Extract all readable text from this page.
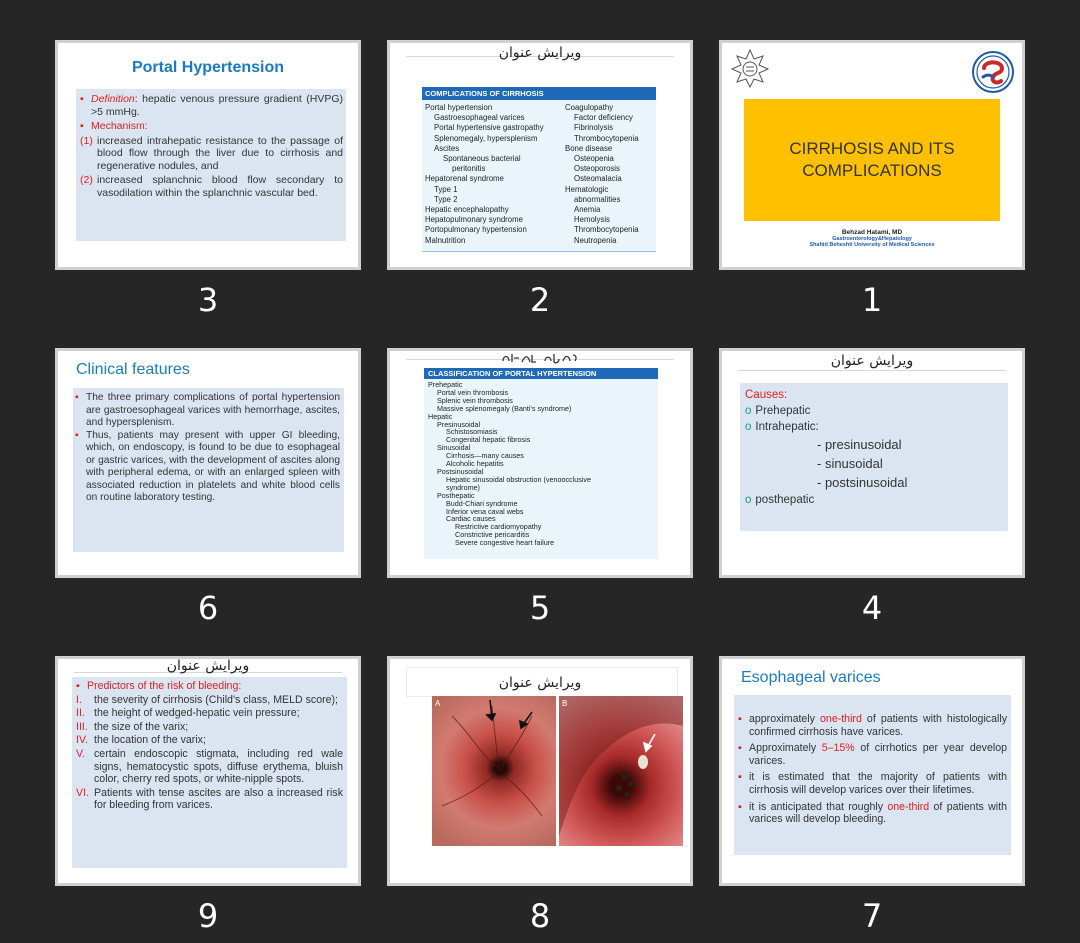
Portal Hypertension
▪ Definition: hepatic venous pressure gradient (HVPG) >5 mmHg.
▪ Mechanism:
(1) increased intrahepatic resistance to the passage of blood flow through the liver due to cirrhosis and regenerative nodules, and
(2) increased splanchnic blood flow secondary to vasodilation within the splanchnic vascular bed.
3
ویرایش عنوان
COMPLICATIONS OF CIRRHOSIS
Portal hypertension
Gastroesophageal varices
Portal hypertensive gastropathy
Splenomegaly, hypersplenism
Ascites
Spontaneous bacterial
peritonitis
Hepatorenal syndrome
Type 1
Type 2
Hepatic encephalopathy
Hepatopulmonary syndrome
Portopulmonary hypertension
Malnutrition
Coagulopathy
Factor deficiency
Fibrinolysis
Thrombocytopenia
Bone disease
Osteopenia
Osteoporosis
Osteomalacia
Hematologic
abnormalities
Anemia
Hemolysis
Thrombocytopenia
Neutropenia
2
CIRRHOSIS AND ITS COMPLICATIONS
Behzad Hatami, MD
Gastroenterology&Hepatology
Shahid Beheshti University of Medical Sciences
1
Clinical features
▪ The three primary complications of portal hypertension are gastroesophageal varices with hemorrhage, ascites, and hypersplenism.
▪ Thus, patients may present with upper GI bleeding, which, on endoscopy, is found to be due to esophageal or gastric varices, with the development of ascites along with peripheral edema, or with an enlarged spleen with associated reduction in platelets and white blood cells on routine laboratory testing.
6
CLASSIFICATION OF PORTAL HYPERTENSION
Prehepatic
Portal vein thrombosis
Splenic vein thrombosis
Massive splenomegaly (Banti's syndrome)
Hepatic
Presinusoidal
Schistosomiasis
Congenital hepatic fibrosis
Sinusoidal
Cirrhosis—many causes
Alcoholic hepatitis
Postsinusoidal
Hepatic sinusoidal obstruction (venoocclusive
syndrome)
Posthepatic
Budd-Chiari syndrome
Inferior vena caval webs
Cardiac causes
Restrictive cardiomyopathy
Constrictive pericarditis
Severe congestive heart failure
5
ویرایش عنوان
Causes:
o Prehepatic
o Intrahepatic:
- presinusoidal
- sinusoidal
- postsinusoidal
o posthepatic
4
ویرایش عنوان
▪ Predictors of the risk of bleeding:
I.	the severity of cirrhosis (Child's class, MELD score);
II. the height of wedged-hepatic vein pressure;
III. the size of the varix;
IV. the location of the varix;
V. certain endoscopic stigmata, including red wale signs, hematocystic spots, diffuse erythema, bluish color, cherry red spots, or white-nipple spots.
VI. Patients with tense ascites are also a increased risk for bleeding from varices.
9
ویرایش عنوان
A	B
8
Esophageal varices
▪ approximately one-third of patients with histologically confirmed cirrhosis have varices.
▪ Approximately 5–15% of cirrhotics per year develop varices.
▪ it is estimated that the majority of patients with cirrhosis will develop varices over their lifetimes.
▪ it is anticipated that roughly one-third of patients with varices will develop bleeding.
7
